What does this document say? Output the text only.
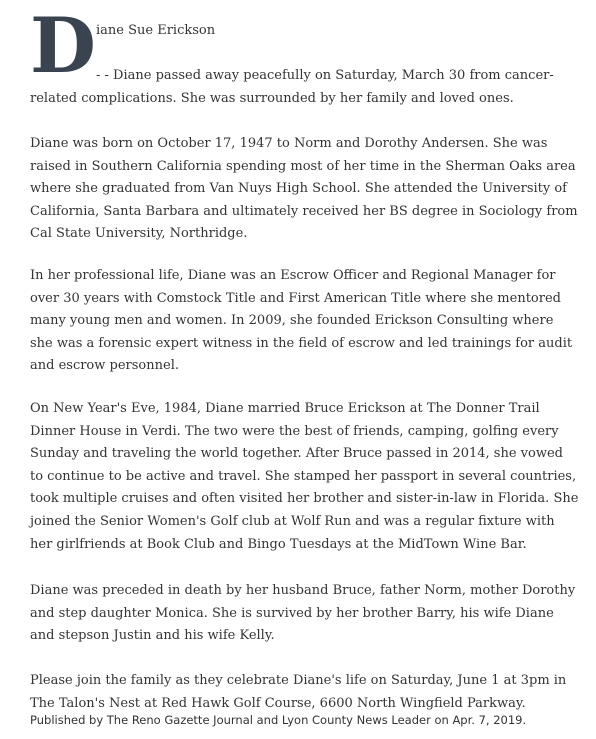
D iane Sue Erickson
- - Diane passed away peacefully on Saturday, March 30 from cancer-
related complications. She was surrounded by her family and loved ones.

Diane was born on October 17, 1947 to Norm and Dorothy Andersen. She was raised in Southern California spending most of her time in the Sherman Oaks area where she graduated from Van Nuys High School. She attended the University of California, Santa Barbara and ultimately received her BS degree in Sociology from Cal State University, Northridge.

In her professional life, Diane was an Escrow Officer and Regional Manager for over 30 years with Comstock Title and First American Title where she mentored many young men and women. In 2009, she founded Erickson Consulting where she was a forensic expert witness in the field of escrow and led trainings for audit and escrow personnel.

On New Year's Eve, 1984, Diane married Bruce Erickson at The Donner Trail Dinner House in Verdi. The two were the best of friends, camping, golfing every Sunday and traveling the world together. After Bruce passed in 2014, she vowed to continue to be active and travel. She stamped her passport in several countries, took multiple cruises and often visited her brother and sister-in-law in Florida. She joined the Senior Women's Golf club at Wolf Run and was a regular fixture with her girlfriends at Book Club and Bingo Tuesdays at the MidTown Wine Bar.

Diane was preceded in death by her husband Bruce, father Norm, mother Dorothy and step daughter Monica. She is survived by her brother Barry, his wife Diane and stepson Justin and his wife Kelly.

Please join the family as they celebrate Diane's life on Saturday, June 1 at 3pm in The Talon's Nest at Red Hawk Golf Course, 6600 North Wingfield Parkway.

Published by The Reno Gazette Journal and Lyon County News Leader on Apr. 7, 2019.
